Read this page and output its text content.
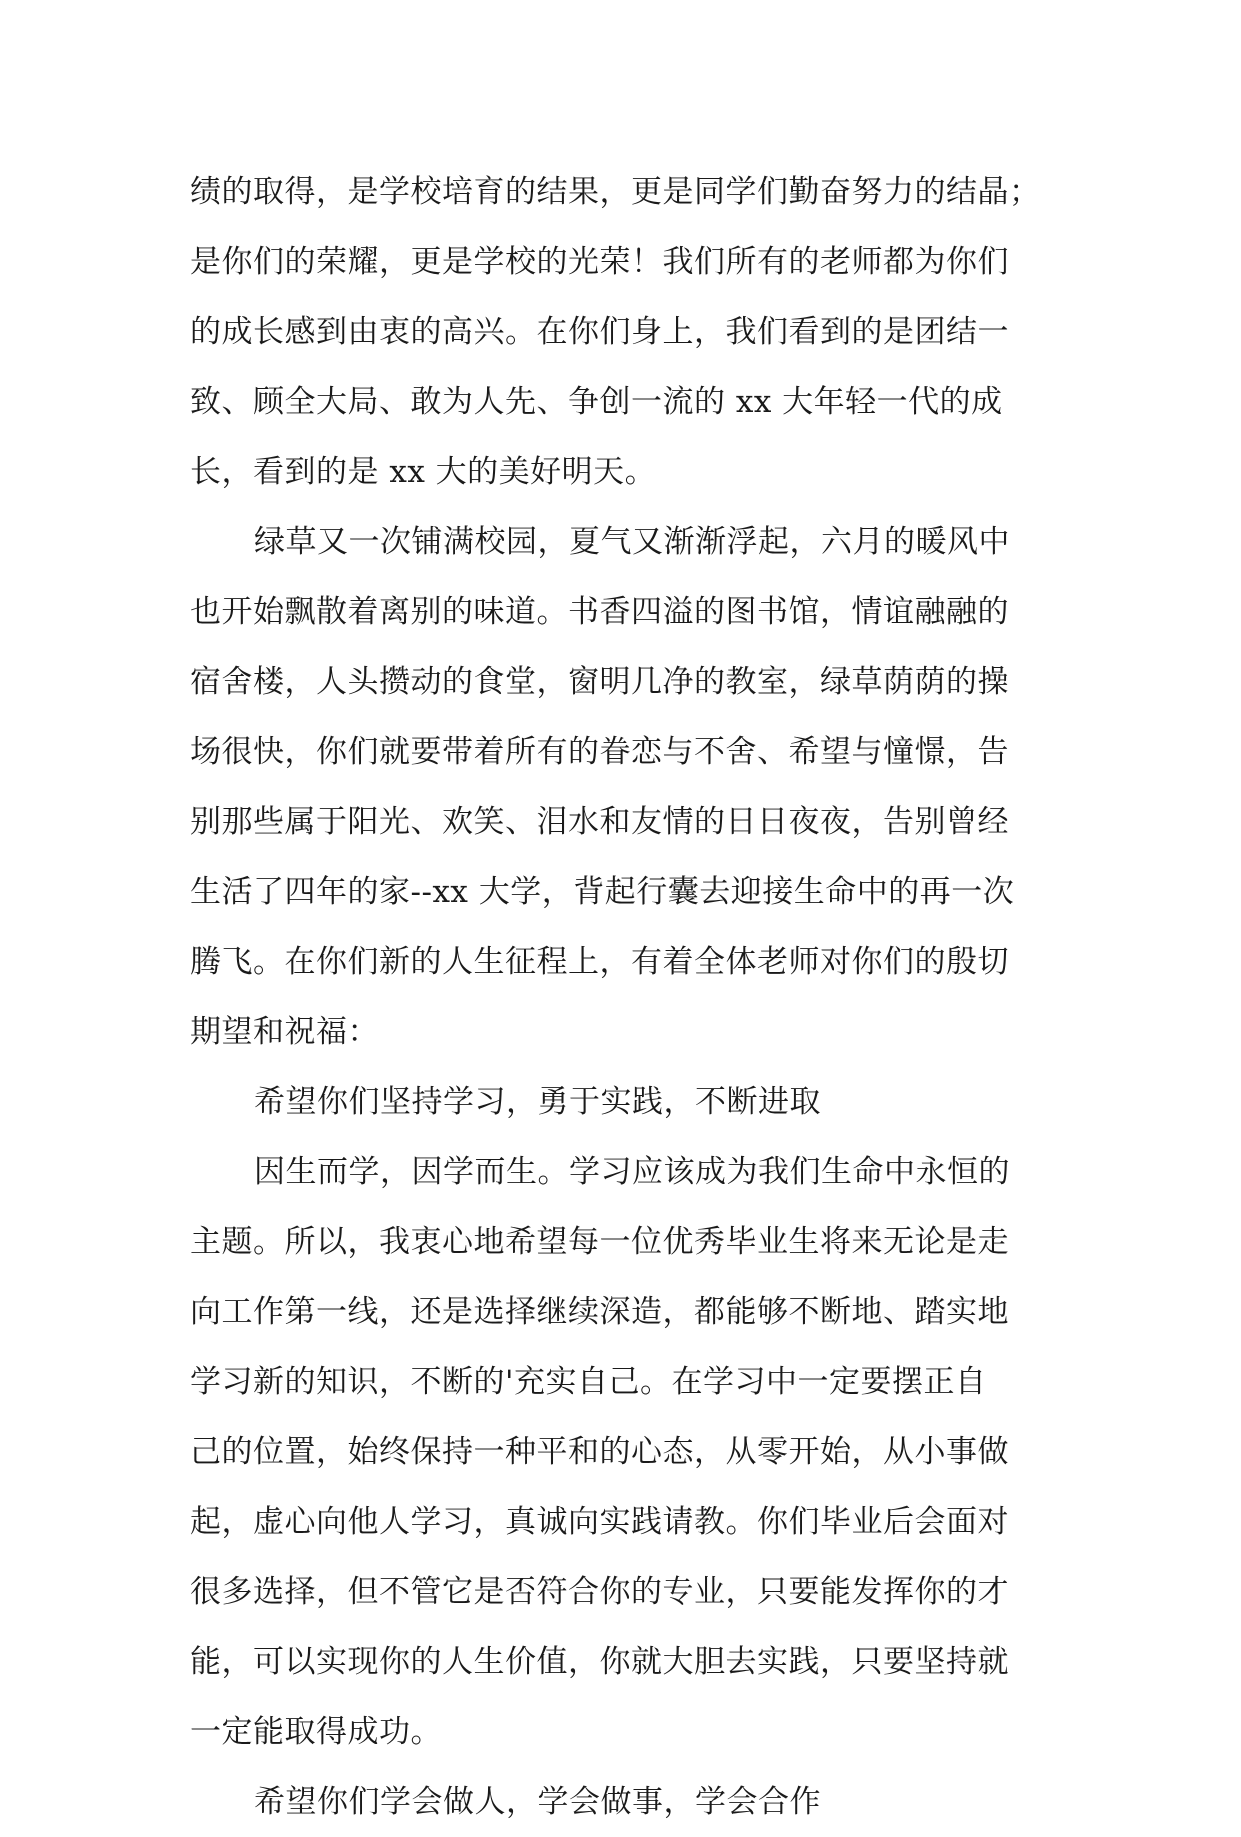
绩的取得，是学校培育的结果，更是同学们勤奋努力的结晶；
是你们的荣耀，更是学校的光荣！我们所有的老师都为你们
的成长感到由衷的高兴。在你们身上，我们看到的是团结一
致、顾全大局、敢为人先、争创一流的 xx 大年轻一代的成
长，看到的是 xx 大的美好明天。
绿草又一次铺满校园，夏气又渐渐浮起，六月的暖风中
也开始飘散着离别的味道。书香四溢的图书馆，情谊融融的
宿舍楼，人头攒动的食堂，窗明几净的教室，绿草荫荫的操
场很快，你们就要带着所有的眷恋与不舍、希望与憧憬，告
别那些属于阳光、欢笑、泪水和友情的日日夜夜，告别曾经
生活了四年的家--xx 大学，背起行囊去迎接生命中的再一次
腾飞。在你们新的人生征程上，有着全体老师对你们的殷切
期望和祝福：
希望你们坚持学习，勇于实践，不断进取
因生而学，因学而生。学习应该成为我们生命中永恒的
主题。所以，我衷心地希望每一位优秀毕业生将来无论是走
向工作第一线，还是选择继续深造，都能够不断地、踏实地
学习新的知识，不断的'充实自己。在学习中一定要摆正自
己的位置，始终保持一种平和的心态，从零开始，从小事做
起，虚心向他人学习，真诚向实践请教。你们毕业后会面对
很多选择，但不管它是否符合你的专业，只要能发挥你的才
能，可以实现你的人生价值，你就大胆去实践，只要坚持就
一定能取得成功。
希望你们学会做人，学会做事，学会合作
